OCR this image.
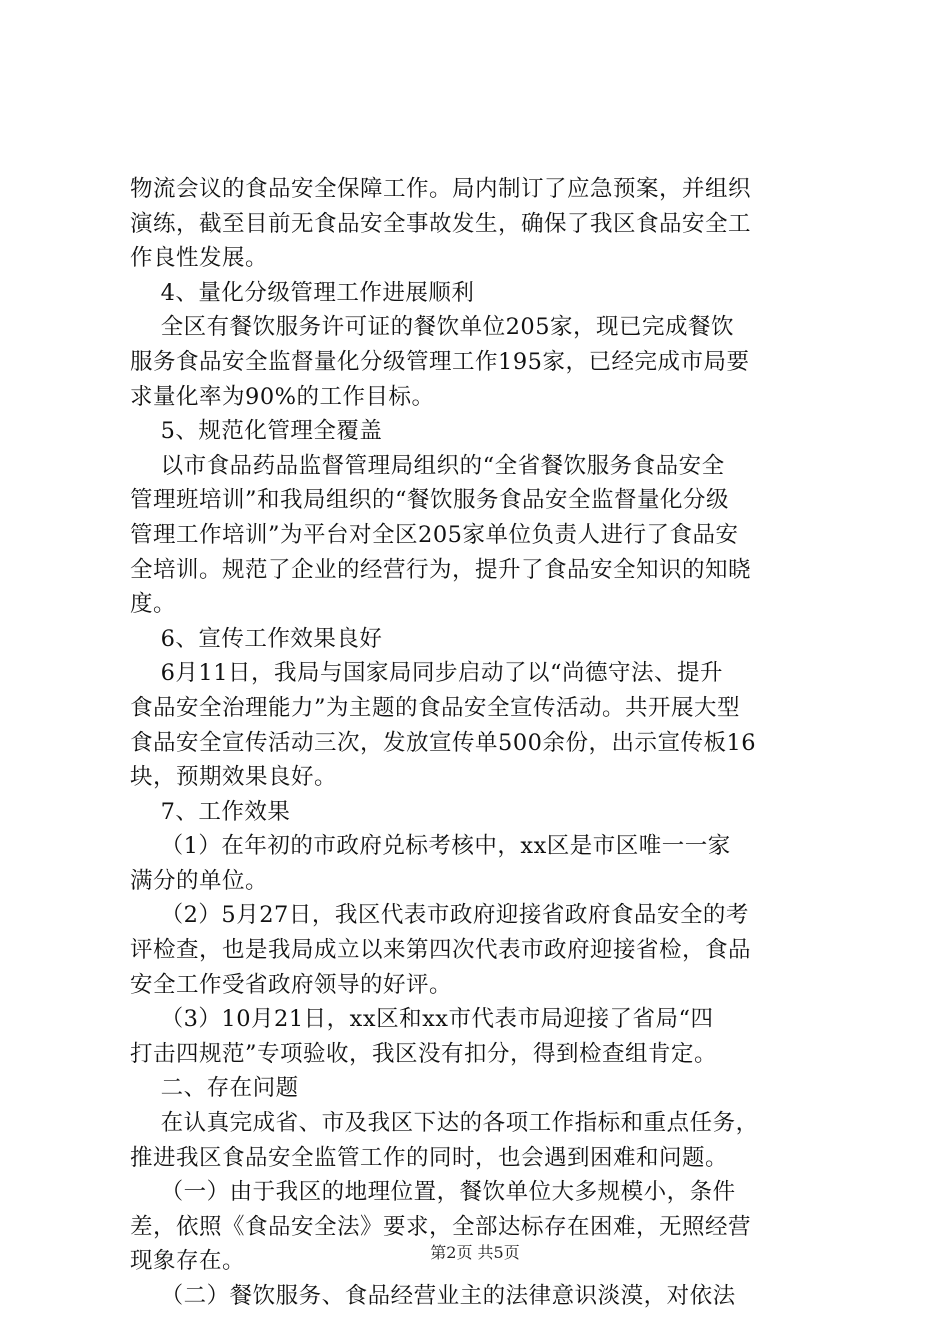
物流会议的食品安全保障工作。局内制订了应急预案，并组织
演练，截至目前无食品安全事故发生，确保了我区食品安全工
作良性发展。
4、量化分级管理工作进展顺利
全区有餐饮服务许可证的餐饮单位205家，现已完成餐饮
服务食品安全监督量化分级管理工作195家，已经完成市局要
求量化率为90%的工作目标。
5、规范化管理全覆盖
以市食品药品监督管理局组织的“全省餐饮服务食品安全
管理班培训”和我局组织的“餐饮服务食品安全监督量化分级
管理工作培训”为平台对全区205家单位负责人进行了食品安
全培训。规范了企业的经营行为，提升了食品安全知识的知晓
度。
6、宣传工作效果良好
6月11日，我局与国家局同步启动了以“尚德守法、提升
食品安全治理能力”为主题的食品安全宣传活动。共开展大型
食品安全宣传活动三次，发放宣传单500余份，出示宣传板16
块，预期效果良好。
7、工作效果
（1）在年初的市政府兑标考核中，xx区是市区唯一一家
满分的单位。
（2）5月27日，我区代表市政府迎接省政府食品安全的考
评检查，也是我局成立以来第四次代表市政府迎接省检，食品
安全工作受省政府领导的好评。
（3）10月21日，xx区和xx市代表市局迎接了省局“四
打击四规范”专项验收，我区没有扣分，得到检查组肯定。
二、存在问题
在认真完成省、市及我区下达的各项工作指标和重点任务，
推进我区食品安全监管工作的同时，也会遇到困难和问题。
（一）由于我区的地理位置，餐饮单位大多规模小，条件
差，依照《食品安全法》要求，全部达标存在困难，无照经营
现象存在。
（二）餐饮服务、食品经营业主的法律意识淡漠，对依法
第2页 共5页
